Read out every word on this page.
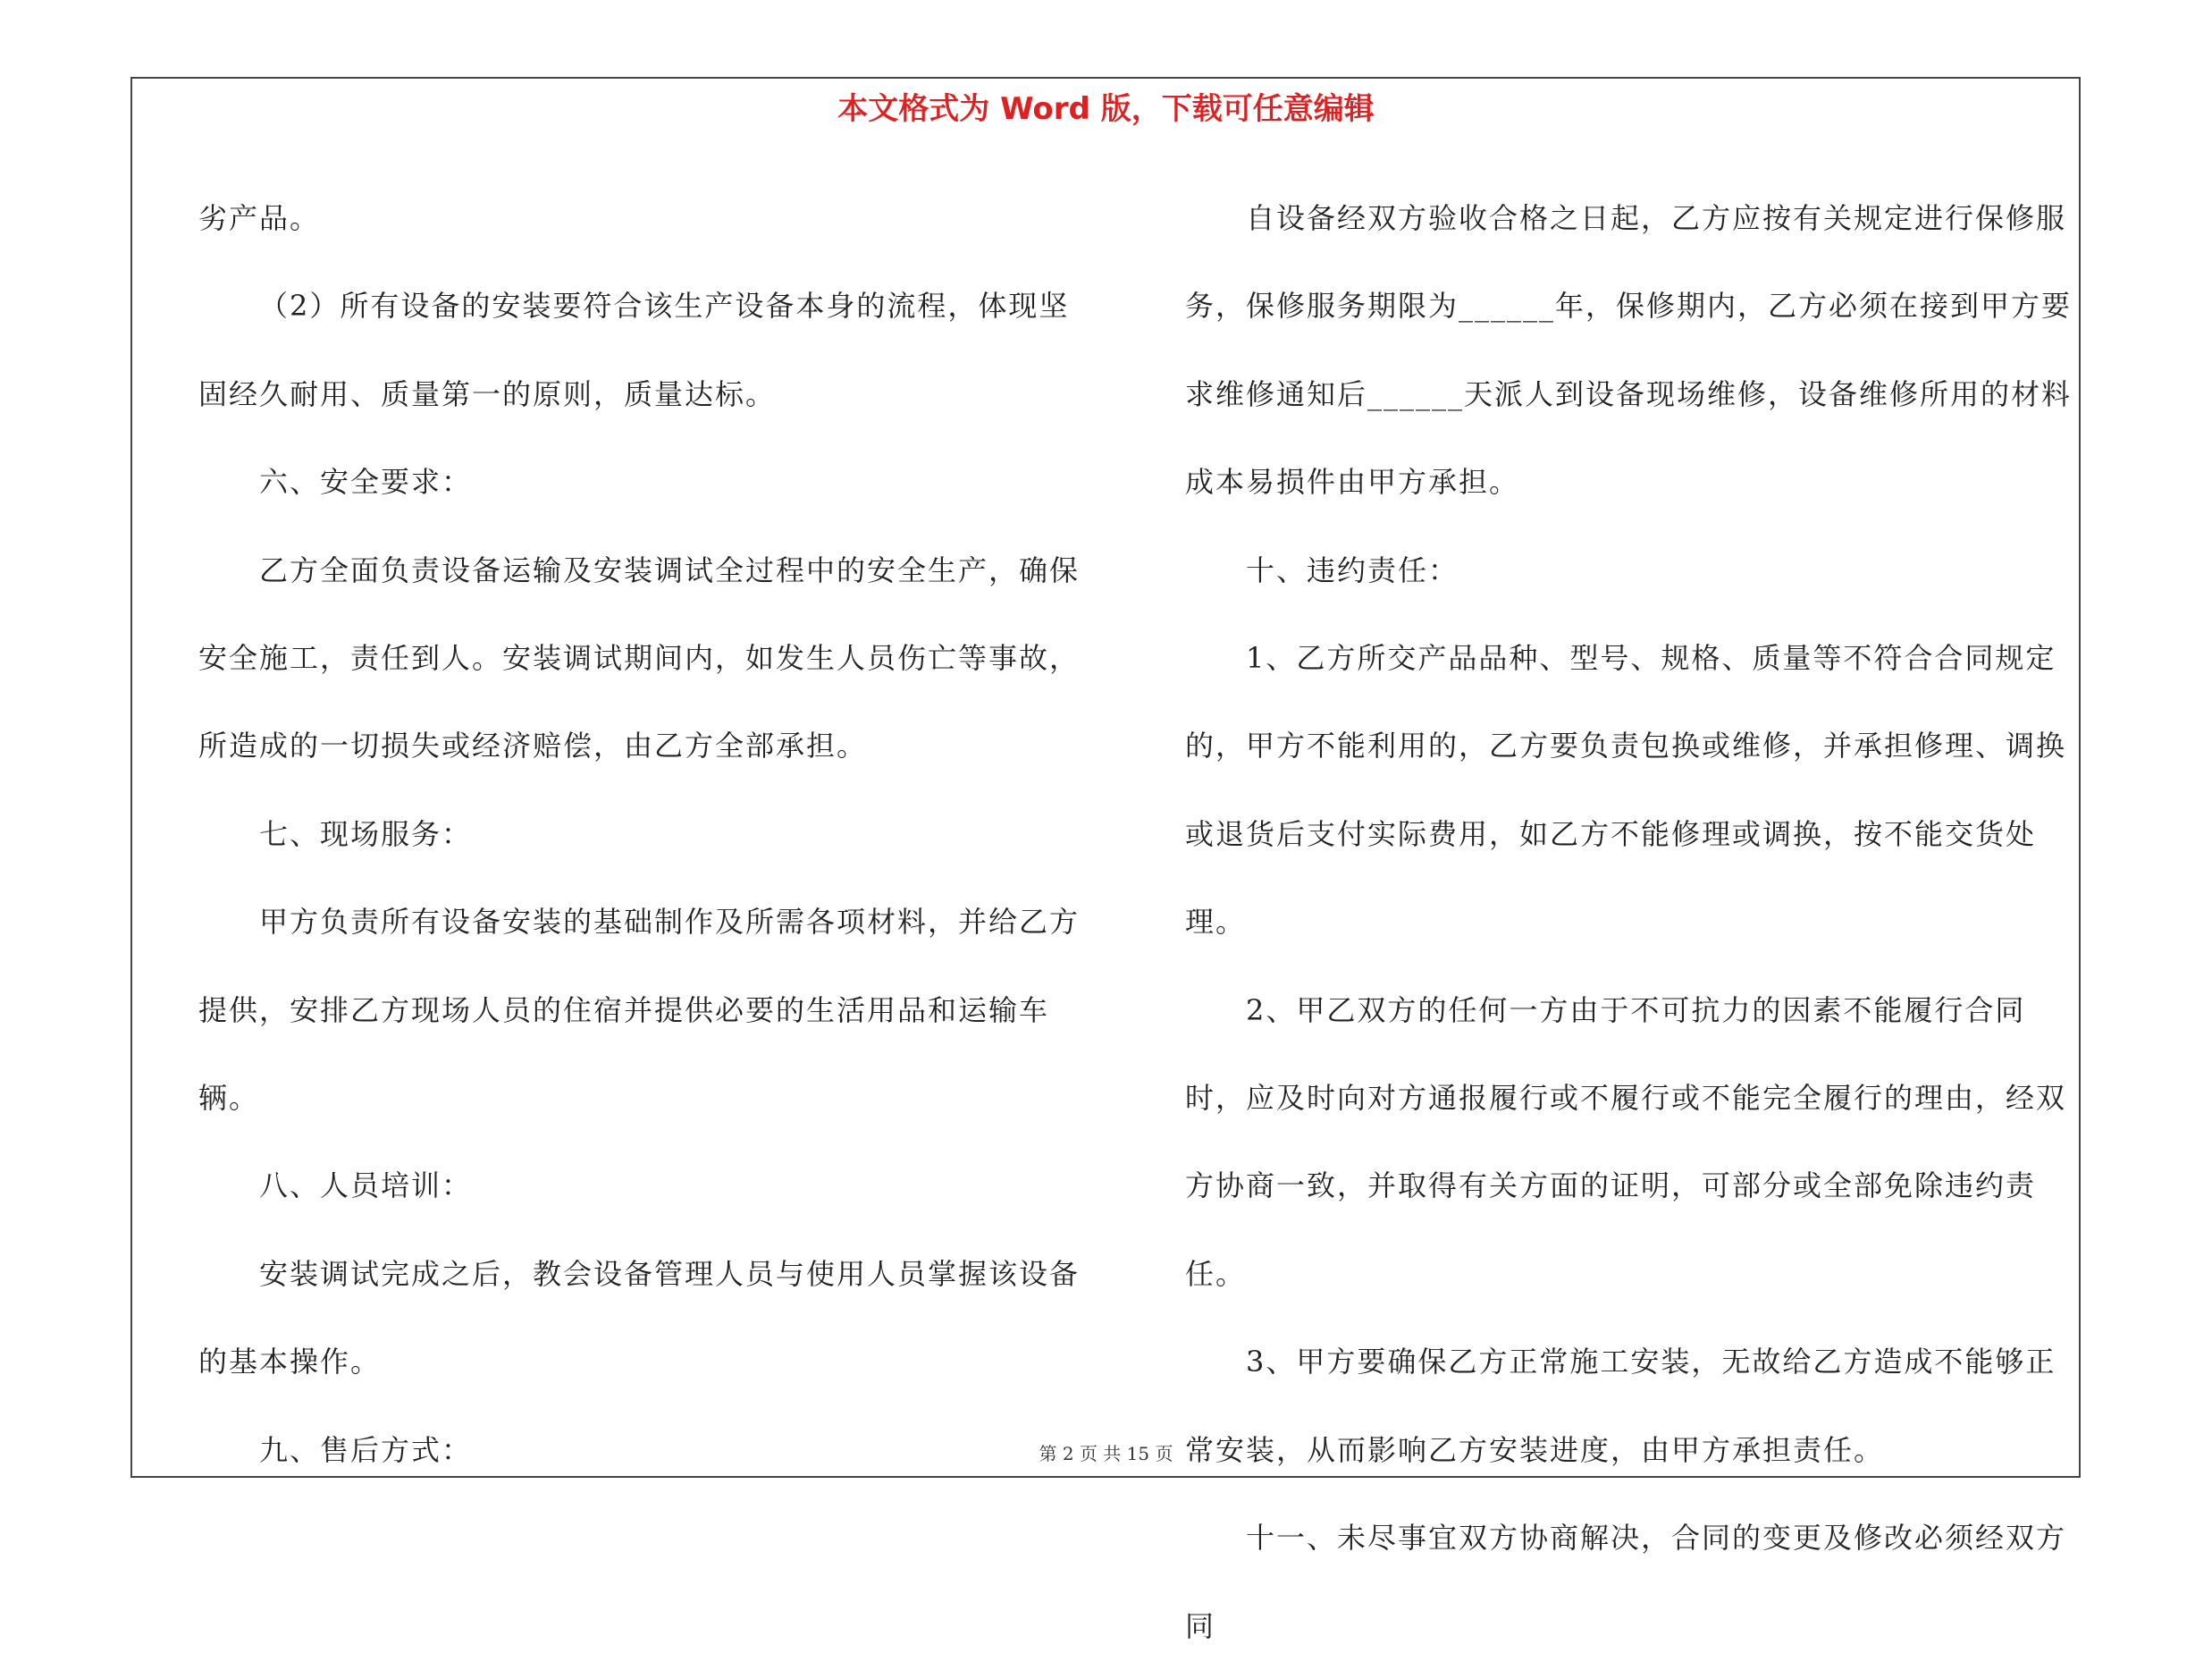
本文格式为 Word 版，下载可任意编辑

劣产品。

（2）所有设备的安装要符合该生产设备本身的流程，体现坚固经久耐用、质量第一的原则，质量达标。

六、安全要求：

乙方全面负责设备运输及安装调试全过程中的安全生产，确保安全施工，责任到人。安装调试期间内，如发生人员伤亡等事故，所造成的一切损失或经济赔偿，由乙方全部承担。

七、现场服务：

甲方负责所有设备安装的基础制作及所需各项材料，并给乙方提供，安排乙方现场人员的住宿并提供必要的生活用品和运输车辆。

八、人员培训：

安装调试完成之后，教会设备管理人员与使用人员掌握该设备的基本操作。

九、售后方式：

自设备经双方验收合格之日起，乙方应按有关规定进行保修服务，保修服务期限为______年，保修期内，乙方必须在接到甲方要求维修通知后______天派人到设备现场维修，设备维修所用的材料成本易损件由甲方承担。

十、违约责任：

1、乙方所交产品品种、型号、规格、质量等不符合合同规定的，甲方不能利用的，乙方要负责包换或维修，并承担修理、调换或退货后支付实际费用，如乙方不能修理或调换，按不能交货处理。

2、甲乙双方的任何一方由于不可抗力的因素不能履行合同时，应及时向对方通报履行或不履行或不能完全履行的理由，经双方协商一致，并取得有关方面的证明，可部分或全部免除违约责任。

3、甲方要确保乙方正常施工安装，无故给乙方造成不能够正常安装，从而影响乙方安装进度，由甲方承担责任。

十一、未尽事宜双方协商解决，合同的变更及修改必须经双方同

第 2 页 共 15 页
